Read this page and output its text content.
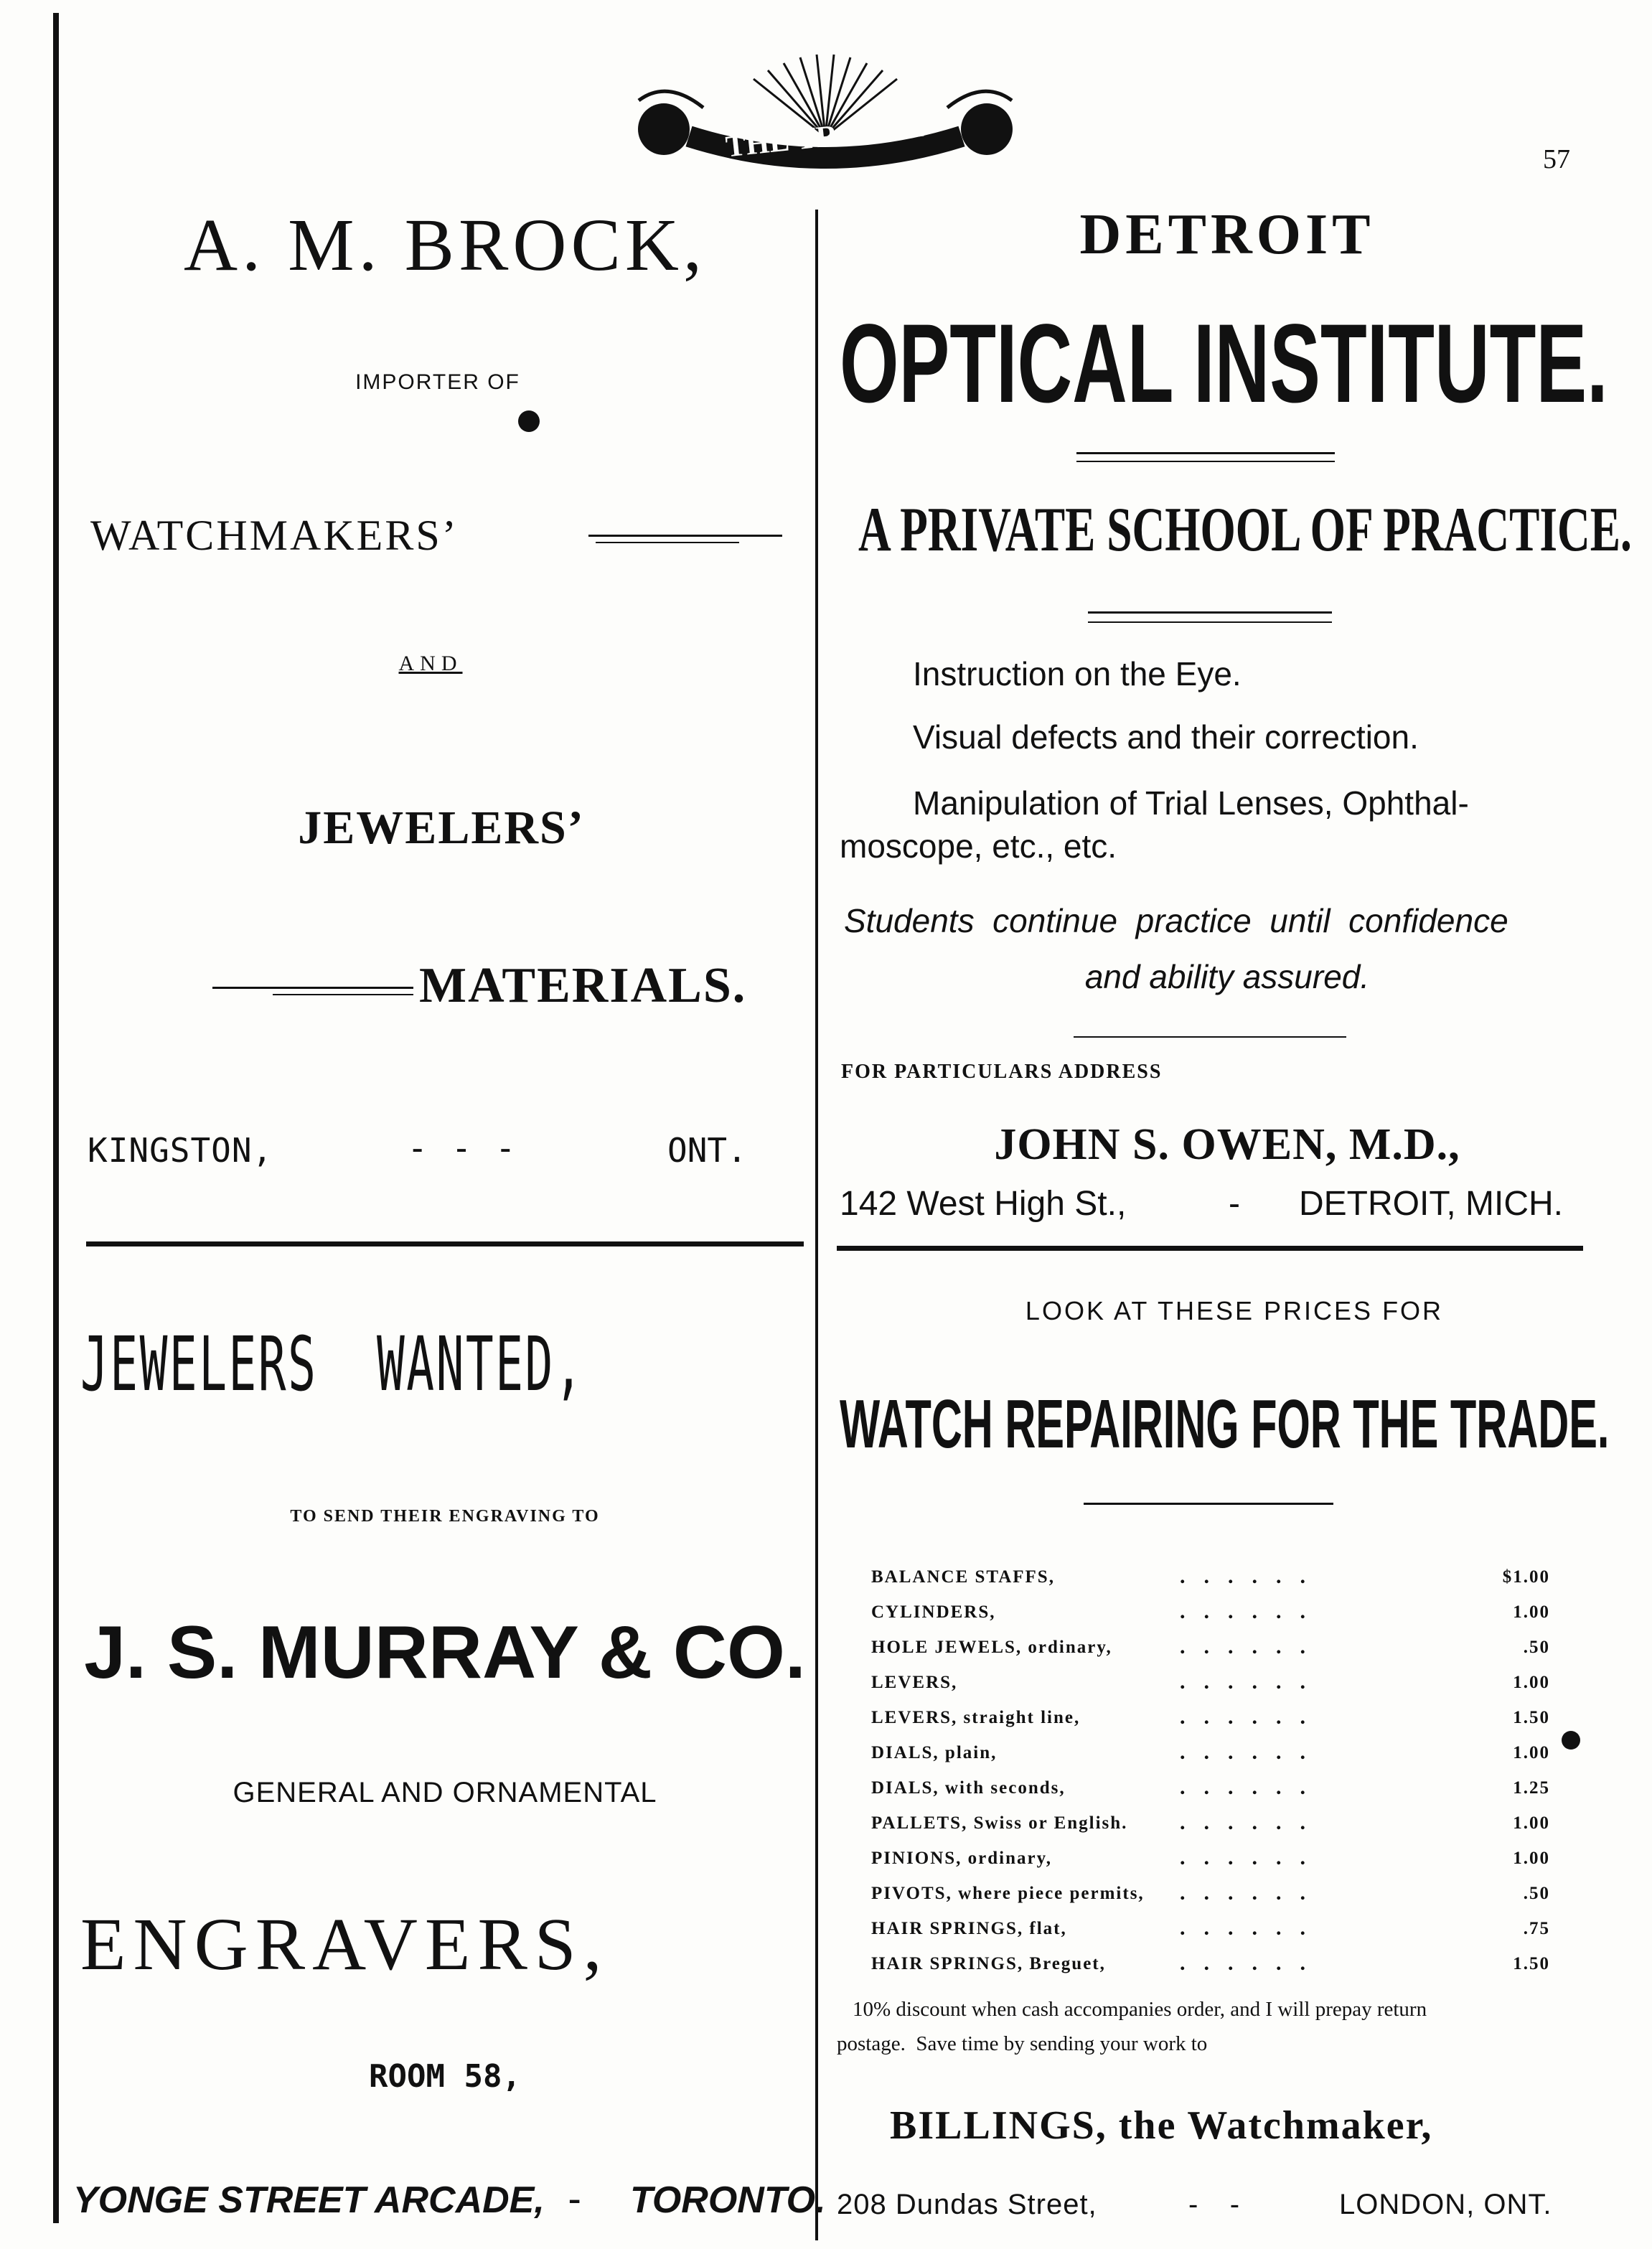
THE TRADER	57
A. M. BROCK,
IMPORTER OF
WATCHMAKERS’
AND
JEWELERS’
MATERIALS.
KINGSTON,	-    -    -	ONT.
JEWELERS  WANTED,
TO SEND THEIR ENGRAVING TO
J. S. MURRAY & CO.
GENERAL AND ORNAMENTAL
ENGRAVERS,
ROOM 58,
YONGE STREET ARCADE, - TORONTO.
DETROIT
OPTICAL INSTITUTE.
A PRIVATE SCHOOL OF PRACTICE.
Instruction on the Eye.
Visual defects and their correction.
Manipulation of Trial Lenses, Ophthal-
moscope, etc., etc.
Students  continue  practice  until  confidence
and ability assured.
FOR PARTICULARS ADDRESS
JOHN S. OWEN, M.D.,
142 West High St.,	- DETROIT, MICH.
LOOK AT THESE PRICES FOR
WATCH REPAIRING FOR THE TRADE.
BALANCE STAFFS,	......	$1.00
CYLINDERS,	......	1.00
HOLE JEWELS, ordinary,	......	.50
LEVERS,	......	1.00
LEVERS, straight line,	......	1.50
DIALS, plain,	......	1.00
DIALS, with seconds,	......	1.25
PALLETS, Swiss or English. ......	1.00
PINIONS, ordinary,	......	1.00
PIVOTS, where piece permits, ......	.50
HAIR SPRINGS, flat,	......	.75
HAIR SPRINGS, Breguet,	......	1.50
10% discount when cash accompanies order, and I will prepay return
postage.  Save time by sending your work to
BILLINGS, the Watchmaker,
208 Dundas Street,	-    -	LONDON, ONT.
